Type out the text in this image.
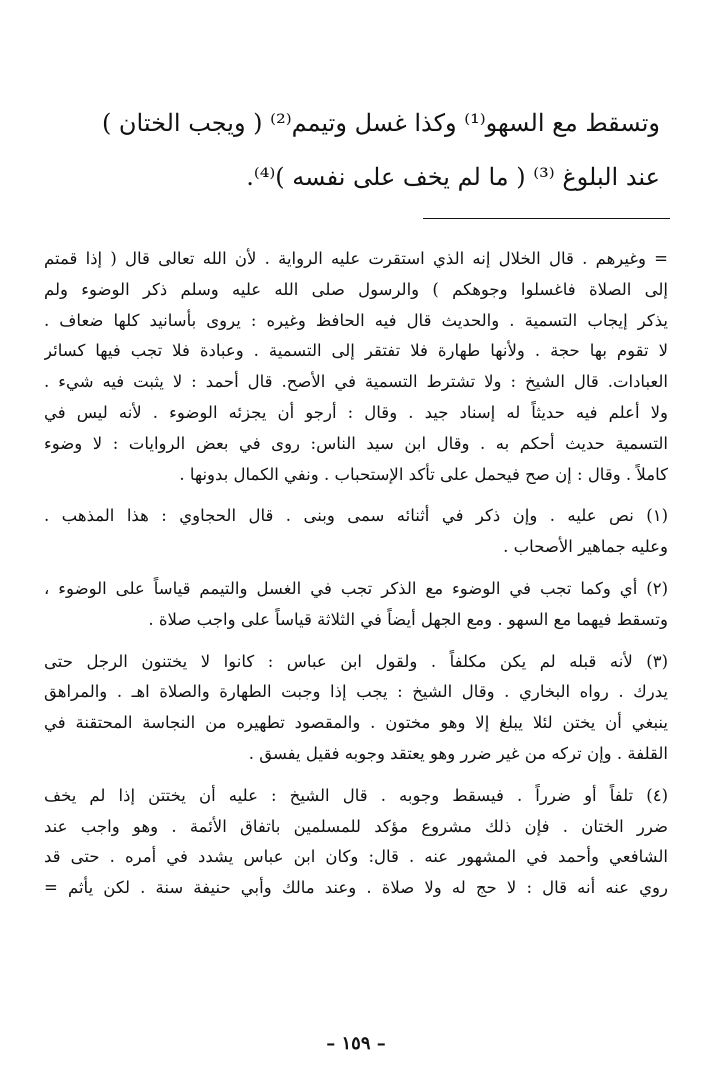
وتسقط مع السهو⁽¹⁾ وكذا غسل وتيمم⁽²⁾ ( ويجب الختان )
عند البلوغ ⁽³⁾ ( ما لم يخف على نفسه )⁽⁴⁾.
= وغيرهم . قال الخلال إنه الذي استقرت عليه الرواية . لأن الله تعالى قال ( إذا قمتم
إلى الصلاة فاغسلوا وجوهكم ) والرسول صلى الله عليه وسلم ذكر الوضوء ولم
يذكر إيجاب التسمية . والحديث قال فيه الحافظ وغيره : يروى بأسانيد كلها ضعاف .
لا تقوم بها حجة . ولأنها طهارة فلا تفتقر إلى التسمية . وعبادة فلا تجب فيها كسائر
العبادات. قال الشيخ : ولا تشترط التسمية في الأصح. قال أحمد : لا يثبت فيه شيء .
ولا أعلم فيه حديثاً له إسناد جيد . وقال : أرجو أن يجزئه الوضوء . لأنه ليس في
التسمية حديث أحكم به . وقال ابن سيد الناس: روى في بعض الروايات : لا وضوء
كاملاً . وقال : إن صح فيحمل على تأكد الإستحباب . ونفي الكمال بدونها .
(١) نص عليه . وإن ذكر في أثنائه سمى وبنى . قال الحجاوي : هذا المذهب .
وعليه جماهير الأصحاب .
(٢) أي وكما تجب في الوضوء مع الذكر تجب في الغسل والتيمم قياساً على الوضوء ،
وتسقط فيهما مع السهو . ومع الجهل أيضاً في الثلاثة قياساً على واجب صلاة .
(٣) لأنه قبله لم يكن مكلفاً . ولقول ابن عباس : كانوا لا يختنون الرجل حتى
يدرك . رواه البخاري . وقال الشيخ : يجب إذا وجبت الطهارة والصلاة اهـ . والمراهق
ينبغي أن يختن لئلا يبلغ إلا وهو مختون . والمقصود تطهيره من النجاسة المحتقنة في
القلفة . وإن تركه من غير ضرر وهو يعتقد وجوبه فقيل يفسق .
(٤) تلفاً أو ضرراً . فيسقط وجوبه . قال الشيخ : عليه أن يختتن إذا لم يخف
ضرر الختان . فإن ذلك مشروع مؤكد للمسلمين باتفاق الأئمة . وهو واجب عند
الشافعي وأحمد في المشهور عنه . قال: وكان ابن عباس يشدد في أمره . حتى قد
روي عنه أنه قال : لا حج له ولا صلاة . وعند مالك وأبي حنيفة سنة . لكن يأثم =
– ١٥٩ –
